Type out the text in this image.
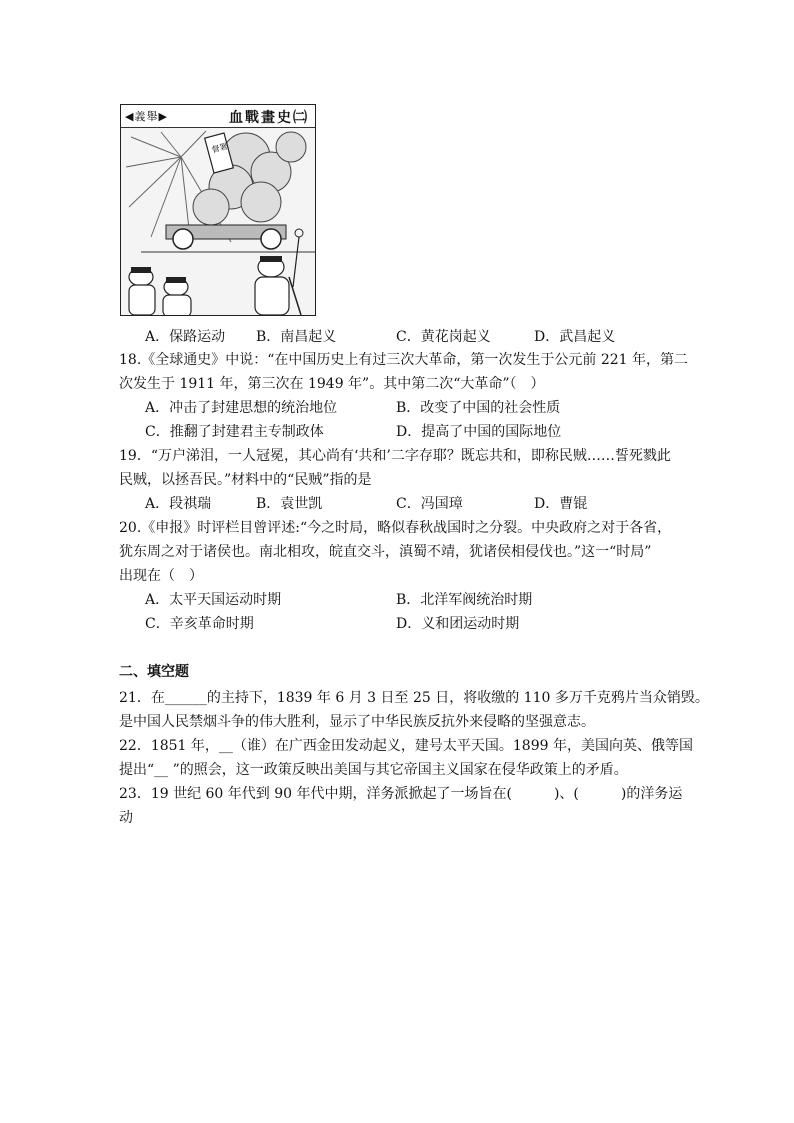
◀義舉▶	血戰畫史㈡
督署
A．保路运动 B．南昌起义	C．黄花岗起义	D．武昌起义
18.《全球通史》中说：“在中国历史上有过三次大革命，第一次发生于公元前 221 年，第二
次发生于 1911 年，第三次在 1949 年”。其中第二次“大革命”（　）
A．冲击了封建思想的统治地位	B．改变了中国的社会性质
C．推翻了封建君主专制政体	D．提高了中国的国际地位
19．“万户涕泪，一人冠冕，其心尚有‘共和’二字存耶？既忘共和，即称民贼……誓死戮此
民贼，以拯吾民。”材料中的“民贼”指的是
A．段祺瑞	B．袁世凯	C．冯国璋	D．曹锟
20.《申报》时评栏目曾评述:“今之时局，略似春秋战国时之分裂。中央政府之对于各省，
犹东周之对于诸侯也。南北相攻，皖直交斗，滇蜀不靖，犹诸侯相侵伐也。”这一“时局”
出现在（　）
A．太平天国运动时期	B．北洋军阀统治时期
C．辛亥革命时期	D．义和团运动时期
二、填空题
21．在______的主持下，1839 年 6 月 3 日至 25 日，将收缴的 110 多万千克鸦片当众销毁。
是中国人民禁烟斗争的伟大胜利，显示了中华民族反抗外来侵略的坚强意志。
22．1851 年，__（谁）在广西金田发动起义，建号太平天国。1899 年，美国向英、俄等国
提出“__ ”的照会，这一政策反映出美国与其它帝国主义国家在侵华政策上的矛盾。
23．19 世纪 60 年代到 90 年代中期，洋务派掀起了一场旨在(　　　)、(　　　)的洋务运
动
